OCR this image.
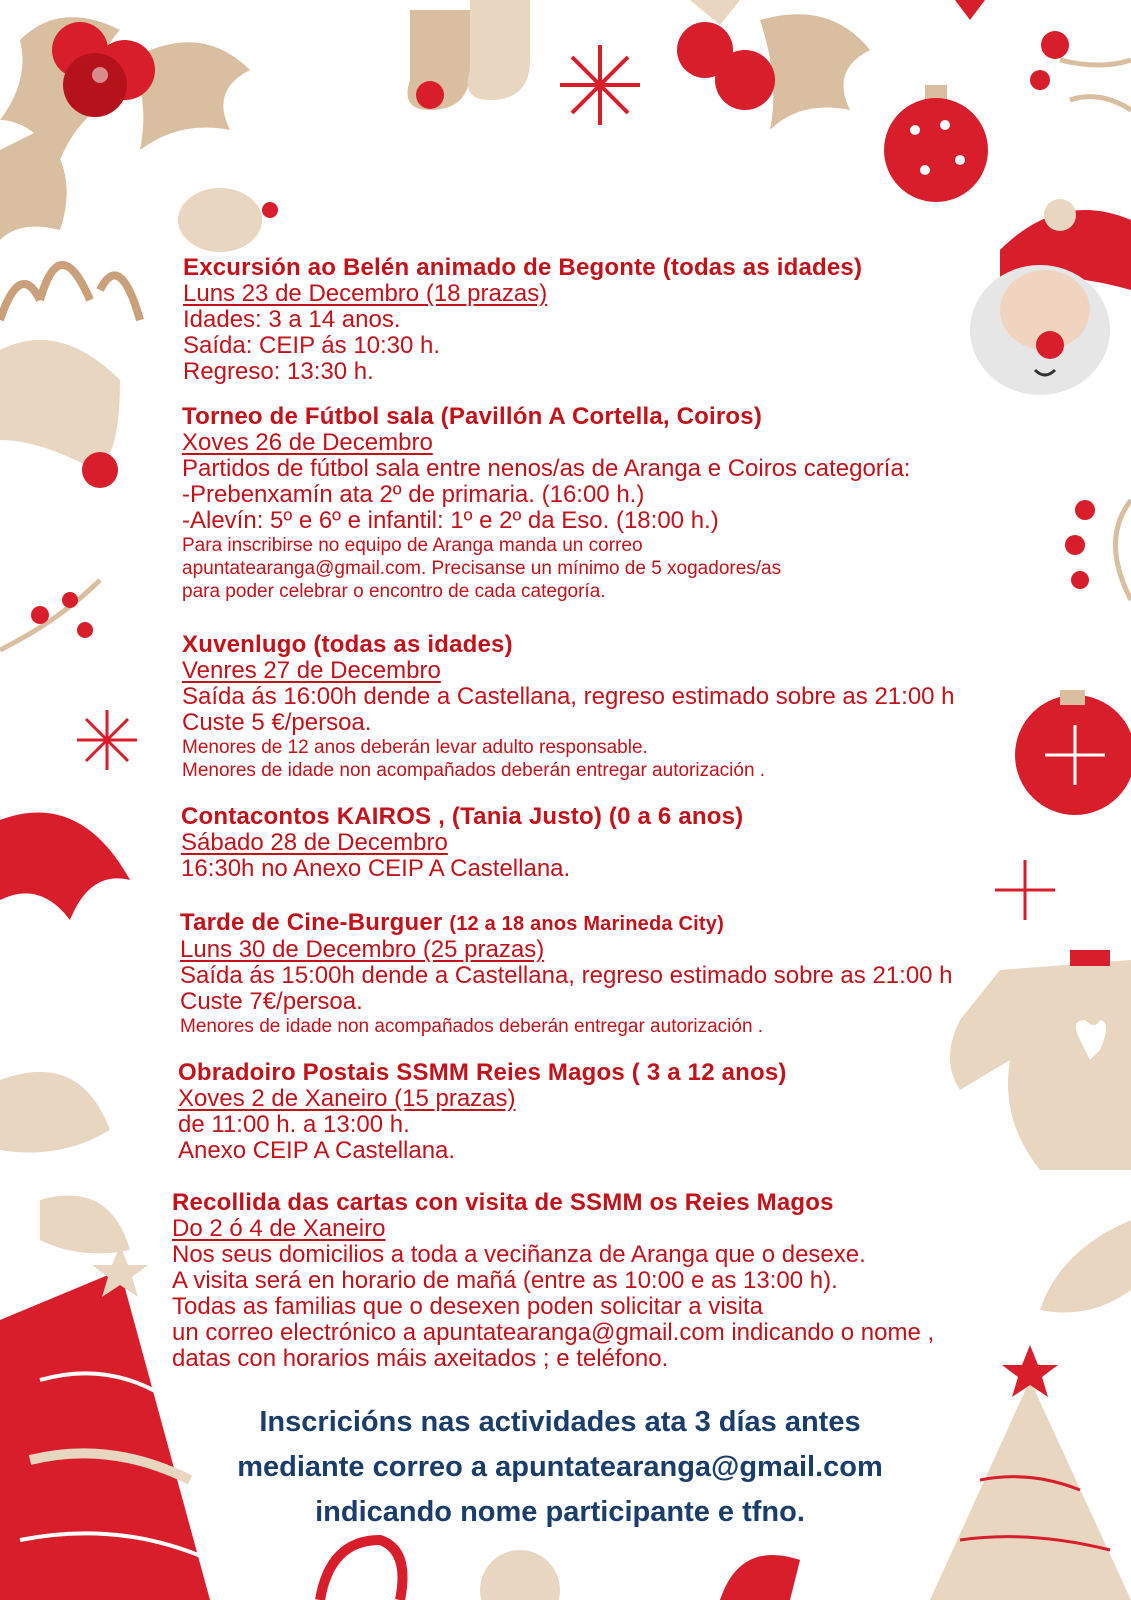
Excursión ao Belén animado de Begonte (todas as idades)
Luns 23 de Decembro (18 prazas)
Idades: 3 a 14 anos.
Saída: CEIP ás 10:30 h.
Regreso: 13:30 h.
Torneo de Fútbol sala (Pavillón A Cortella, Coiros)
Xoves 26 de Decembro
Partidos de fútbol sala entre nenos/as de Aranga e Coiros categoría:
-Prebenxamín ata 2º de primaria. (16:00 h.)
-Alevín: 5º e 6º e infantil: 1º e 2º da Eso. (18:00 h.)
Para inscribirse no equipo de Aranga manda un correo
apuntatearanga@gmail.com. Precisanse un mínimo de 5 xogadores/as
para poder celebrar o encontro de cada categoría.
Xuvenlugo (todas as idades)
Venres 27 de Decembro
Saída ás 16:00h dende a Castellana, regreso estimado sobre as 21:00 h
Custe 5 €/persoa.
Menores de 12 anos deberán levar adulto responsable.
Menores de idade non acompañados deberán entregar autorización .
Contacontos KAIROS , (Tania Justo) (0 a 6 anos)
Sábado 28 de Decembro
16:30h no Anexo CEIP A Castellana.
Tarde de Cine-Burguer (12 a 18 anos Marineda City)
Luns 30 de Decembro (25 prazas)
Saída ás 15:00h dende a Castellana, regreso estimado sobre as 21:00 h
Custe 7€/persoa.
Menores de idade non acompañados deberán entregar autorización .
Obradoiro Postais SSMM Reies Magos ( 3 a 12 anos)
Xoves 2 de Xaneiro (15 prazas)
de 11:00 h. a 13:00 h.
Anexo CEIP A Castellana.
Recollida das cartas con visita de SSMM os Reies Magos
Do 2 ó 4 de Xaneiro
Nos seus domicilios a toda a veciñanza de Aranga que o desexe.
A visita será en horario de mañá (entre as 10:00 e as 13:00 h).
Todas as familias que o desexen poden solicitar a visita
un correo electrónico a apuntatearanga@gmail.com indicando o nome ,
datas con horarios máis axeitados ; e teléfono.
Inscricións nas actividades ata 3 días antes
mediante correo a apuntatearanga@gmail.com
indicando nome participante e tfno.
